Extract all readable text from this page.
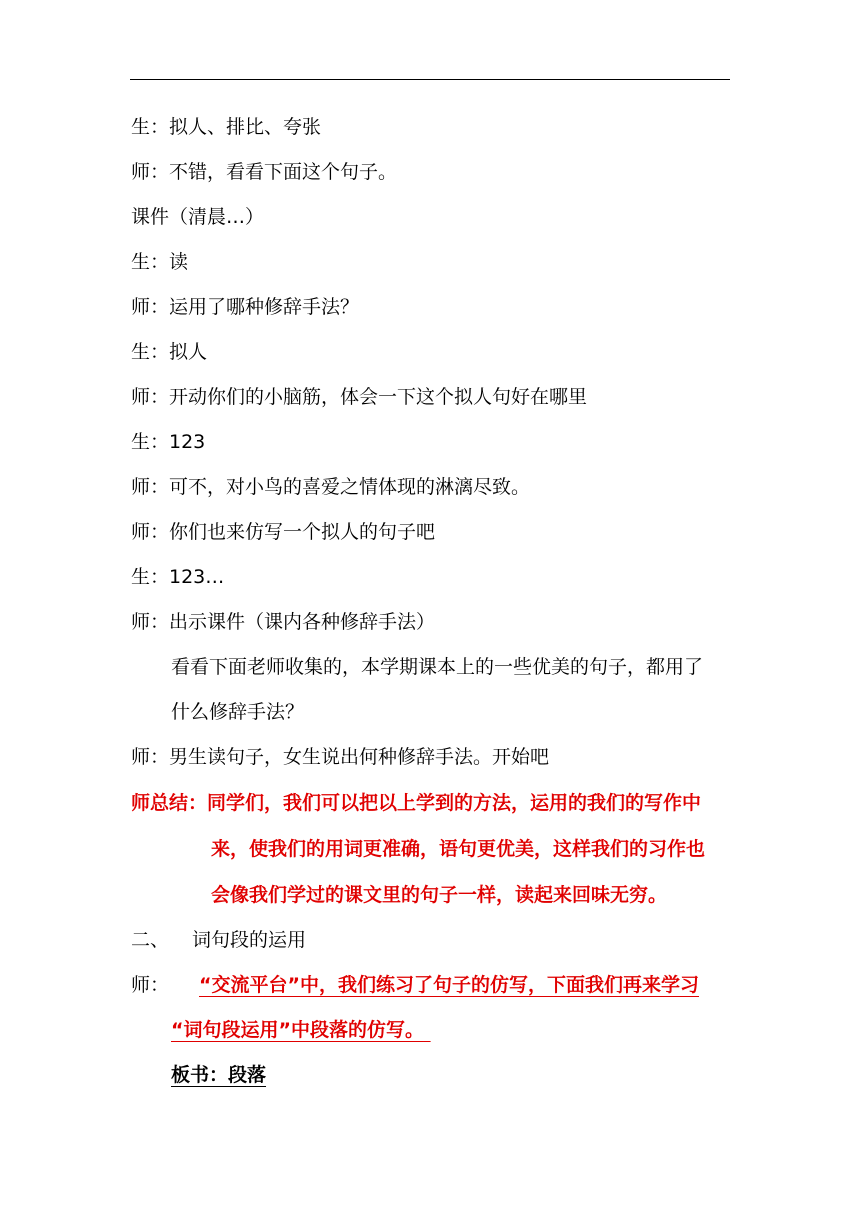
生：拟人、排比、夸张
师：不错，看看下面这个句子。
课件（清晨…）
生：读
师：运用了哪种修辞手法？
生：拟人
师：开动你们的小脑筋，体会一下这个拟人句好在哪里
生：123
师：可不，对小鸟的喜爱之情体现的淋漓尽致。
师：你们也来仿写一个拟人的句子吧
生：123…
师：出示课件（课内各种修辞手法）
看看下面老师收集的，本学期课本上的一些优美的句子，都用了
什么修辞手法？
师：男生读句子，女生说出何种修辞手法。开始吧
师总结：同学们，我们可以把以上学到的方法，运用的我们的写作中
来，使我们的用词更准确，语句更优美，这样我们的习作也
会像我们学过的课文里的句子一样，读起来回味无穷。
二、 词句段的运用
师： “交流平台”中，我们练习了句子的仿写，下面我们再来学习
“词句段运用”中段落的仿写。
板书：段落
